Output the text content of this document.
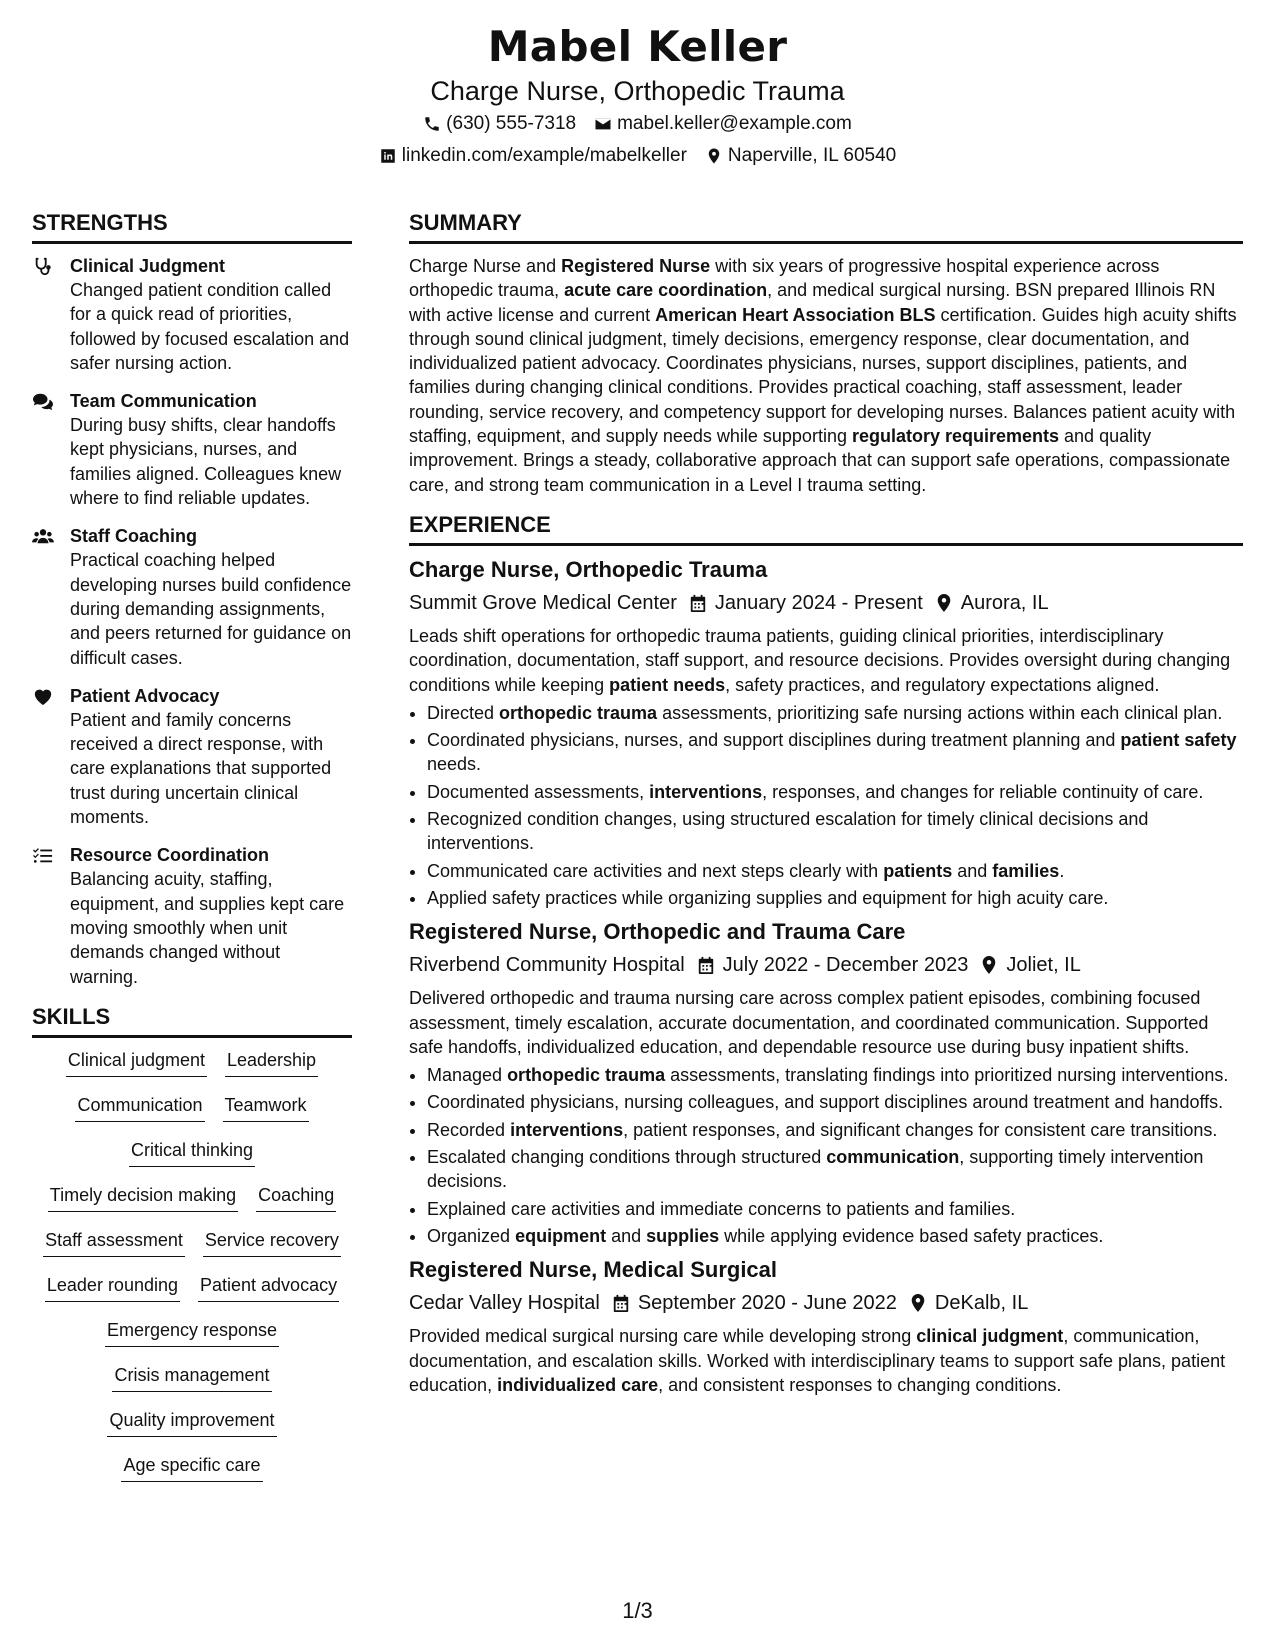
Mabel Keller
Charge Nurse, Orthopedic Trauma
(630) 555-7318 mabel.keller@example.com
linkedin.com/example/mabelkeller Naperville, IL 60540
STRENGTHS
Clinical Judgment
Changed patient condition called for a quick read of priorities, followed by focused escalation and safer nursing action.
Team Communication
During busy shifts, clear handoffs kept physicians, nurses, and families aligned. Colleagues knew where to find reliable updates.
Staff Coaching
Practical coaching helped developing nurses build confidence during demanding assignments, and peers returned for guidance on difficult cases.
Patient Advocacy
Patient and family concerns received a direct response, with care explanations that supported trust during uncertain clinical moments.
Resource Coordination
Balancing acuity, staffing, equipment, and supplies kept care moving smoothly when unit demands changed without warning.
SKILLS
Clinical judgment Leadership
Communication Teamwork
Critical thinking
Timely decision making Coaching
Staff assessment Service recovery
Leader rounding Patient advocacy
Emergency response
Crisis management
Quality improvement
Age specific care
SUMMARY

Charge Nurse and Registered Nurse with six years of progressive hospital experience across orthopedic trauma, acute care coordination, and medical surgical nursing. BSN prepared Illinois RN with active license and current American Heart Association BLS certification. Guides high acuity shifts through sound clinical judgment, timely decisions, emergency response, clear documentation, and individualized patient advocacy. Coordinates physicians, nurses, support disciplines, patients, and families during changing clinical conditions. Provides practical coaching, staff assessment, leader rounding, service recovery, and competency support for developing nurses. Balances patient acuity with staffing, equipment, and supply needs while supporting regulatory requirements and quality improvement. Brings a steady, collaborative approach that can support safe operations, compassionate care, and strong team communication in a Level I trauma setting.

EXPERIENCE
Charge Nurse, Orthopedic Trauma
Summit Grove Medical Center January 2024 - Present Aurora, IL

Leads shift operations for orthopedic trauma patients, guiding clinical priorities, interdisciplinary coordination, documentation, staff support, and resource decisions. Provides oversight during changing conditions while keeping patient needs, safety practices, and regulatory expectations aligned.

• Directed orthopedic trauma assessments, prioritizing safe nursing actions within each clinical plan.
• Coordinated physicians, nurses, and support disciplines during treatment planning and patient safety needs.
• Documented assessments, interventions, responses, and changes for reliable continuity of care.
• Recognized condition changes, using structured escalation for timely clinical decisions and interventions.
• Communicated care activities and next steps clearly with patients and families.
• Applied safety practices while organizing supplies and equipment for high acuity care.
Registered Nurse, Orthopedic and Trauma Care
Riverbend Community Hospital July 2022 - December 2023 Joliet, IL

Delivered orthopedic and trauma nursing care across complex patient episodes, combining focused assessment, timely escalation, accurate documentation, and coordinated communication. Supported safe handoffs, individualized education, and dependable resource use during busy inpatient shifts.

• Managed orthopedic trauma assessments, translating findings into prioritized nursing interventions.
• Coordinated physicians, nursing colleagues, and support disciplines around treatment and handoffs.
• Recorded interventions, patient responses, and significant changes for consistent care transitions.
• Escalated changing conditions through structured communication, supporting timely intervention decisions.
• Explained care activities and immediate concerns to patients and families.
• Organized equipment and supplies while applying evidence based safety practices.
Registered Nurse, Medical Surgical
Cedar Valley Hospital September 2020 - June 2022 DeKalb, IL

Provided medical surgical nursing care while developing strong clinical judgment, communication, documentation, and escalation skills. Worked with interdisciplinary teams to support safe plans, patient education, individualized care, and consistent responses to changing conditions.

1/3
